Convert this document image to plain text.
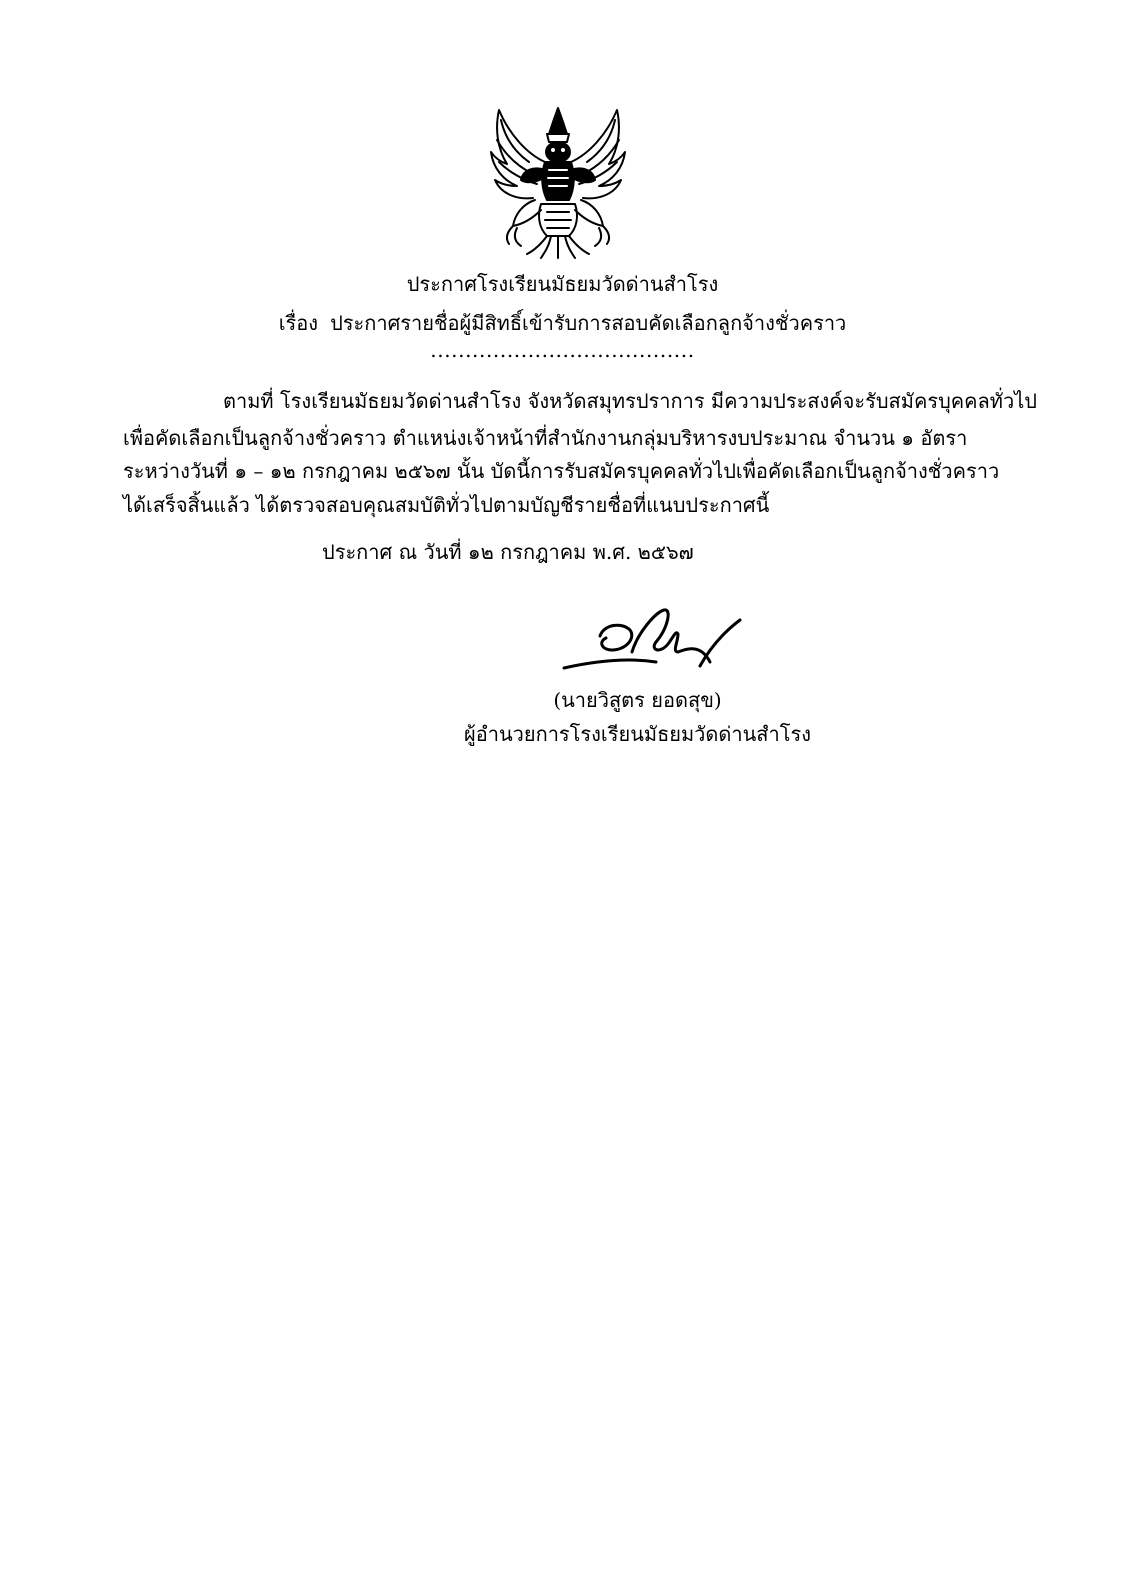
ประกาศโรงเรียนมัธยมวัดด่านสำโรง
เรื่อง ประกาศรายชื่อผู้มีสิทธิ์เข้ารับการสอบคัดเลือกลูกจ้างชั่วคราว
......................................
ตามที่ โรงเรียนมัธยมวัดด่านสำโรง จังหวัดสมุทรปราการ มีความประสงค์จะรับสมัครบุคคลทั่วไป
เพื่อคัดเลือกเป็นลูกจ้างชั่วคราว ตำแหน่งเจ้าหน้าที่สำนักงานกลุ่มบริหารงบประมาณ จำนวน ๑ อัตรา
ระหว่างวันที่ ๑ – ๑๒ กรกฎาคม ๒๕๖๗ นั้น บัดนี้การรับสมัครบุคคลทั่วไปเพื่อคัดเลือกเป็นลูกจ้างชั่วคราว
ได้เสร็จสิ้นแล้ว ได้ตรวจสอบคุณสมบัติทั่วไปตามบัญชีรายชื่อที่แนบประกาศนี้
ประกาศ ณ วันที่ ๑๒ กรกฎาคม พ.ศ. ๒๕๖๗
(นายวิสูตร ยอดสุข)
ผู้อำนวยการโรงเรียนมัธยมวัดด่านสำโรง
